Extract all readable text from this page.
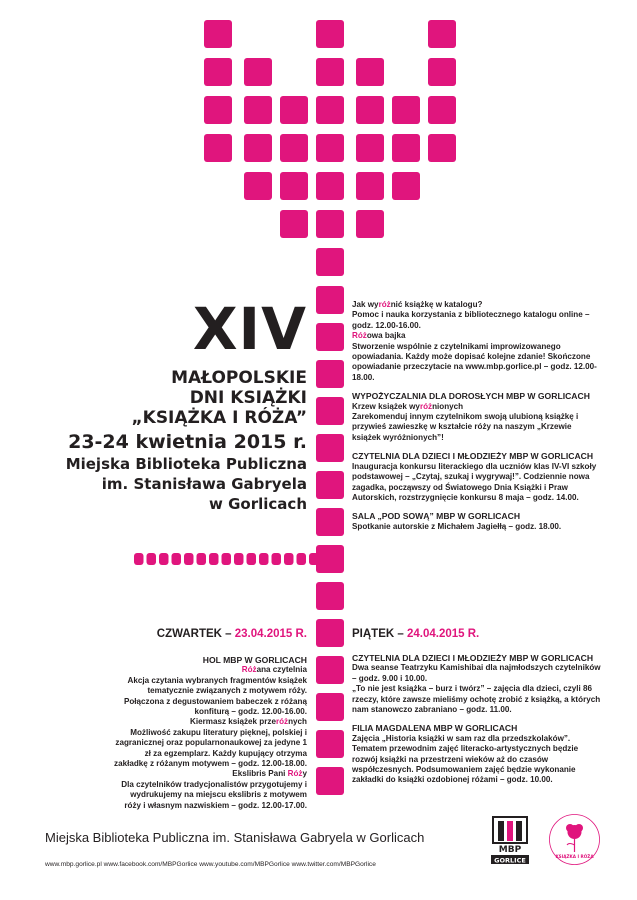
XIV
MAŁOPOLSKIE
DNI KSIĄŻKI
„KSIĄŻKA I RÓŻA”
23-24 kwietnia 2015 r.
Miejska Biblioteka Publiczna
im. Stanisława Gabryela
w Gorlicach

Jak wyróżnić książkę w katalogu?

Pomoc i nauka korzystania z bibliotecznego katalogu online – godz. 12.00-16.00.

Różowa bajka

Stworzenie wspólnie z czytelnikami improwizowanego opowiadania. Każdy może dopisać kolejne zdanie! Skończone opowiadanie przeczytacie na www.mbp.gorlice.pl – godz. 12.00-18.00.

WYPOŻYCZALNIA DLA DOROSŁYCH MBP W GORLICACH

Krzew książek wyróżnionych

Zarekomenduj innym czytelnikom swoją ulubioną książkę i przywieś zawieszkę w kształcie róży na naszym „Krzewie książek wyróżnionych”!

CZYTELNIA DLA DZIECI I MŁODZIEŻY MBP W GORLICACH

Inauguracja konkursu literackiego dla uczniów klas IV-VI szkoły podstawowej – „Czytaj, szukaj i wygrywaj!”. Codziennie nowa zagadka, począwszy od Światowego Dnia Książki i Praw Autorskich, rozstrzygnięcie konkursu 8 maja – godz. 14.00.

SALA „POD SOWĄ” MBP W GORLICACH

Spotkanie autorskie z Michałem Jagiełłą – godz. 18.00.

CZWARTEK – 23.04.2015 R.

HOL MBP W GORLICACH

Różana czytelnia

Akcja czytania wybranych fragmentów książek tematycznie związanych z motywem róży. Połączona z degustowaniem babeczek z różaną konfiturą – godz. 12.00-16.00.

Kiermasz książek przeróżnych

Możliwość zakupu literatury pięknej, polskiej i zagranicznej oraz popularnonaukowej za jedyne 1 zł za egzemplarz. Każdy kupujący otrzyma zakładkę z różanym motywem – godz. 12.00-18.00.

Ekslibris Pani Róży

Dla czytelników tradycjonalistów przygotujemy i wydrukujemy na miejscu ekslibris z motywem róży i własnym nazwiskiem – godz. 12.00-17.00.

PIĄTEK – 24.04.2015 R.

CZYTELNIA DLA DZIECI I MŁODZIEŻY MBP W GORLICACH

Dwa seanse Teatrzyku Kamishibai dla najmłodszych czytelników – godz. 9.00 i 10.00.

„To nie jest książka – burz i twórz” – zajęcia dla dzieci, czyli 86 rzeczy, które zawsze mieliśmy ochotę zrobić z książką, a których nam stanowczo zabraniano – godz. 11.00.

FILIA MAGDALENA MBP W GORLICACH

Zajęcia „Historia książki w sam raz dla przedszkolaków”. Tematem przewodnim zajęć literacko-artystycznych będzie rozwój książki na przestrzeni wieków aż do czasów współczesnych. Podsumowaniem zajęć będzie wykonanie zakładki do książki ozdobionej różami – godz. 10.00.

Miejska Biblioteka Publiczna im. Stanisława Gabryela w Gorlicach
www.mbp.gorlice.pl www.facebook.com/MBPGorlice www.youtube.com/MBPGorlice www.twitter.com/MBPGorlice
MBP
GORLICE	KSIĄŻKA I RÓŻA
